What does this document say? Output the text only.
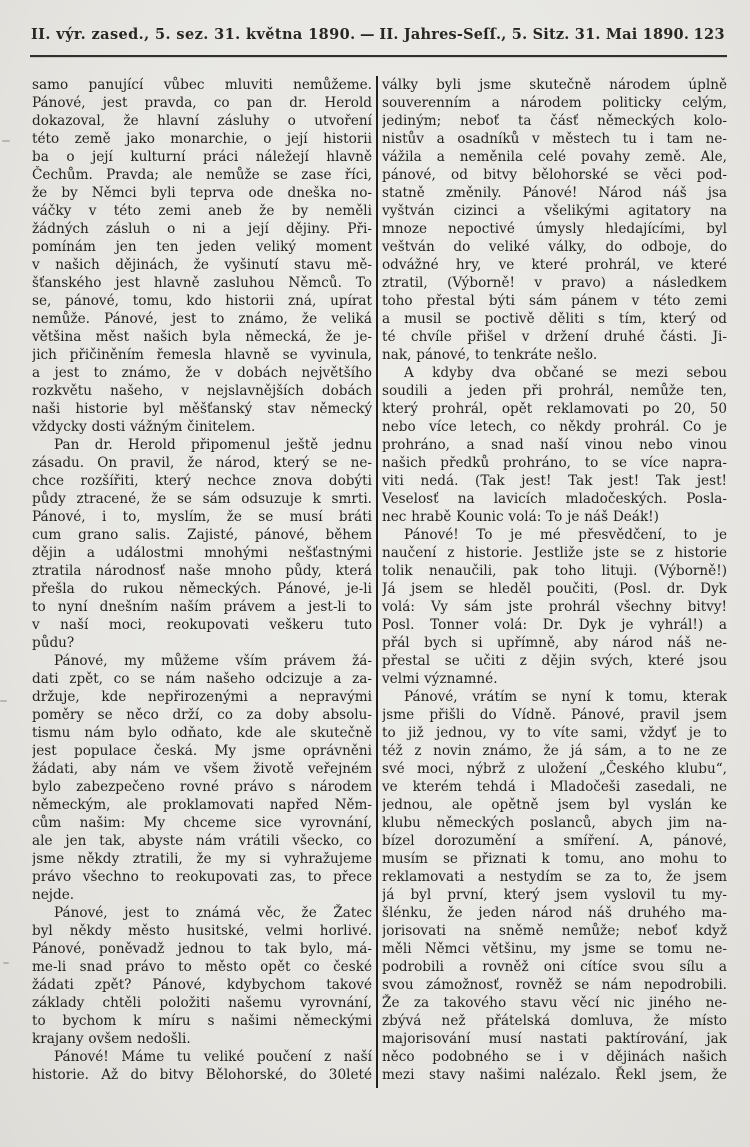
II. výr. zased., 5. sez. 31. května 1890. — II. Jahres-Seſſ., 5. Sitz. 31. Mai 1890. 123
samo panující vůbec mluviti nemůžeme.
Pánové, jest pravda, co pan dr. Herold
dokazoval, že hlavní zásluhy o utvoření
této země jako monarchie, o její historii
ba o její kulturní práci náležejí hlavně
Čechům. Pravda; ale nemůže se zase říci,
že by Němci byli teprva ode dneška no-
váčky v této zemi aneb že by neměli
žádných zásluh o ni a její dějiny. Při-
pomínám jen ten jeden veliký moment
v našich dějinách, že vyšinutí stavu mě-
šťanského jest hlavně zasluhou Němců. To
se, pánové, tomu, kdo historii zná, upírat
nemůže. Pánové, jest to známo, že veliká
většina měst našich byla německá, že je-
jich přičiněním řemesla hlavně se vyvinula,
a jest to známo, že v dobách největšího
rozkvětu našeho, v nejslavnějších dobách
naši historie byl měšťanský stav německý
vždycky dosti vážným činitelem.
Pan dr. Herold připomenul ještě jednu
zásadu. On pravil, že národ, který se ne-
chce rozšířiti, který nechce znova dobýti
půdy ztracené, že se sám odsuzuje k smrti.
Pánové, i to, myslím, že se musí bráti
cum grano salis. Zajisté, pánové, během
dějin a událostmi mnohými nešťastnými
ztratila národnosť naše mnoho půdy, která
přešla do rukou německých. Pánové, je-li
to nyní dnešním naším právem a jest-li to
v naší moci, reokupovati veškeru tuto
půdu?
Pánové, my můžeme vším právem žá-
dati zpět, co se nám našeho odcizuje a za-
držuje, kde nepřirozenými a nepravými
poměry se něco drží, co za doby absolu-
tismu nám bylo odňato, kde ale skutečně
jest populace česká. My jsme oprávněni
žádati, aby nám ve všem životě veřejném
bylo zabezpečeno rovné právo s národem
německým, ale proklamovati napřed Něm-
cům našim: My chceme sice vyrovnání,
ale jen tak, abyste nám vrátili všecko, co
jsme někdy ztratili, že my si vyhražujeme
právo všechno to reokupovati zas, to přece
nejde.
Pánové, jest to známá věc, že Žatec
byl někdy město husitské, velmi horlivé.
Pánové, poněvadž jednou to tak bylo, má-
me-li snad právo to město opět co české
žádati zpět? Pánové, kdybychom takové
základy chtěli položiti našemu vyrovnání,
to bychom k míru s našimi německými
krajany ovšem nedošli.
Pánové! Máme tu veliké poučení z naší
historie. Až do bitvy Bělohorské, do 30leté
války byli jsme skutečně národem úplně
souverenním a národem politicky celým,
jediným; neboť ta čásť německých kolo-
nistův a osadníků v městech tu i tam ne-
vážila a neměnila celé povahy země. Ale,
pánové, od bitvy bělohorské se věci pod-
statně změnily. Pánové! Národ náš jsa
vyštván cizinci a všelikými agitatory na
mnoze nepoctivé úmysly hledajícími, byl
veštván do veliké války, do odboje, do
odvážné hry, ve které prohrál, ve které
ztratil, (Výborně! v pravo) a následkem
toho přestal býti sám pánem v této zemi
a musil se poctivě děliti s tím, který od
té chvíle přišel v držení druhé části. Ji-
nak, pánové, to tenkráte nešlo.
A kdyby dva občané se mezi sebou
soudili a jeden při prohrál, nemůže ten,
který prohrál, opět reklamovati po 20, 50
nebo více letech, co někdy prohrál. Co je
prohráno, a snad naší vinou nebo vinou
našich předků prohráno, to se více napra-
viti nedá. (Tak jest! Tak jest! Tak jest!
Veselosť na lavicích mladočeských. Posla-
nec hrabě Kounic volá: To je náš Deák!)
Pánové! To je mé přesvědčení, to je
naučení z historie. Jestliže jste se z historie
tolik nenaučili, pak toho lituji. (Výborně!)
Já jsem se hleděl poučiti, (Posl. dr. Dyk
volá: Vy sám jste prohrál všechny bitvy!
Posl. Tonner volá: Dr. Dyk je vyhrál!) a
přál bych si upřímně, aby národ náš ne-
přestal se učiti z dějin svých, které jsou
velmi významné.
Pánové, vrátím se nyní k tomu, kterak
jsme přišli do Vídně. Pánové, pravil jsem
to již jednou, vy to víte sami, vždyť je to
též z novin známo, že já sám, a to ne ze
své moci, nýbrž z uložení „Českého klubu“,
ve kterém tehdá i Mladočeši zasedali, ne
jednou, ale opětně jsem byl vyslán ke
klubu německých poslanců, abych jim na-
bízel dorozumění a smíření. A, pánové,
musím se přiznati k tomu, ano mohu to
reklamovati a nestydím se za to, že jsem
já byl první, který jsem vyslovil tu my-
šlénku, že jeden národ náš druhého ma-
jorisovati na sněmě nemůže; neboť když
měli Němci většinu, my jsme se tomu ne-
podrobili a rovněž oni cítíce svou sílu a
svou zámožnosť, rovněž se nám nepodrobili.
Že za takového stavu věcí nic jiného ne-
zbývá než přátelská domluva, že místo
majorisování musí nastati paktírování, jak
něco podobného se i v dějinách našich
mezi stavy našimi nalézalo. Řekl jsem, že
